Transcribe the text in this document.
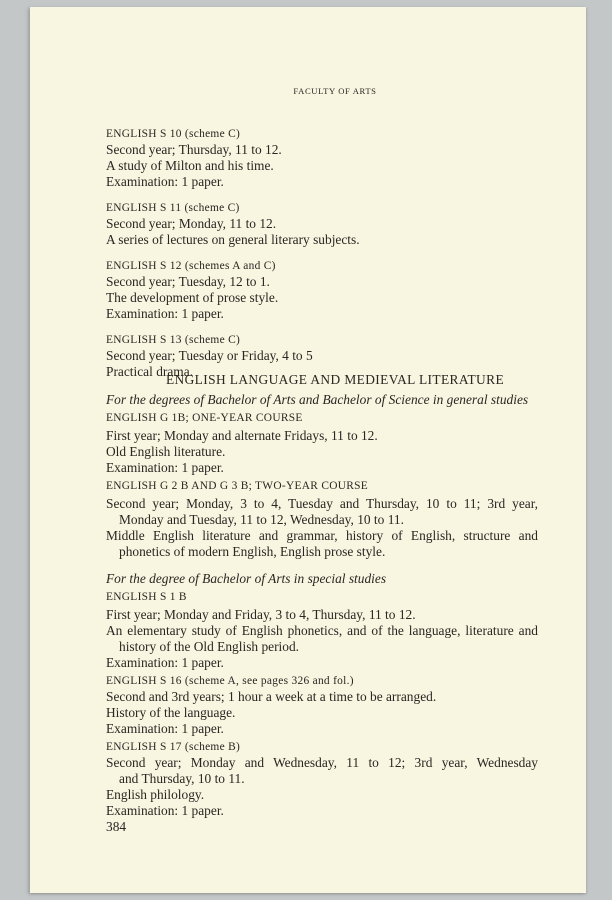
FACULTY OF ARTS
ENGLISH S 10 (scheme C)
Second year; Thursday, 11 to 12.
A study of Milton and his time.
Examination: 1 paper.
ENGLISH S 11 (scheme C)
Second year; Monday, 11 to 12.
A series of lectures on general literary subjects.
ENGLISH S 12 (schemes A and C)
Second year; Tuesday, 12 to 1.
The development of prose style.
Examination: 1 paper.
ENGLISH S 13 (scheme C)
Second year; Tuesday or Friday, 4 to 5
Practical drama.
ENGLISH LANGUAGE AND MEDIEVAL LITERATURE
For the degrees of Bachelor of Arts and Bachelor of Science in general studies
ENGLISH G 1B; ONE-YEAR COURSE
First year; Monday and alternate Fridays, 11 to 12.
Old English literature.
Examination: 1 paper.
ENGLISH G 2 B AND G 3 B; TWO-YEAR COURSE
Second year; Monday, 3 to 4, Tuesday and Thursday, 10 to 11; 3rd year,
Monday and Tuesday, 11 to 12, Wednesday, 10 to 11.
Middle English literature and grammar, history of English, structure and
phonetics of modern English, English prose style.
For the degree of Bachelor of Arts in special studies
ENGLISH S 1 B
First year; Monday and Friday, 3 to 4, Thursday, 11 to 12.
An elementary study of English phonetics, and of the language, literature and
history of the Old English period.
Examination: 1 paper.
ENGLISH S 16 (scheme A, see pages 326 and fol.)
Second and 3rd years; 1 hour a week at a time to be arranged.
History of the language.
Examination: 1 paper.
ENGLISH S 17 (scheme B)
Second year; Monday and Wednesday, 11 to 12; 3rd year, Wednesday
and Thursday, 10 to 11.
English philology.
Examination: 1 paper.
384
